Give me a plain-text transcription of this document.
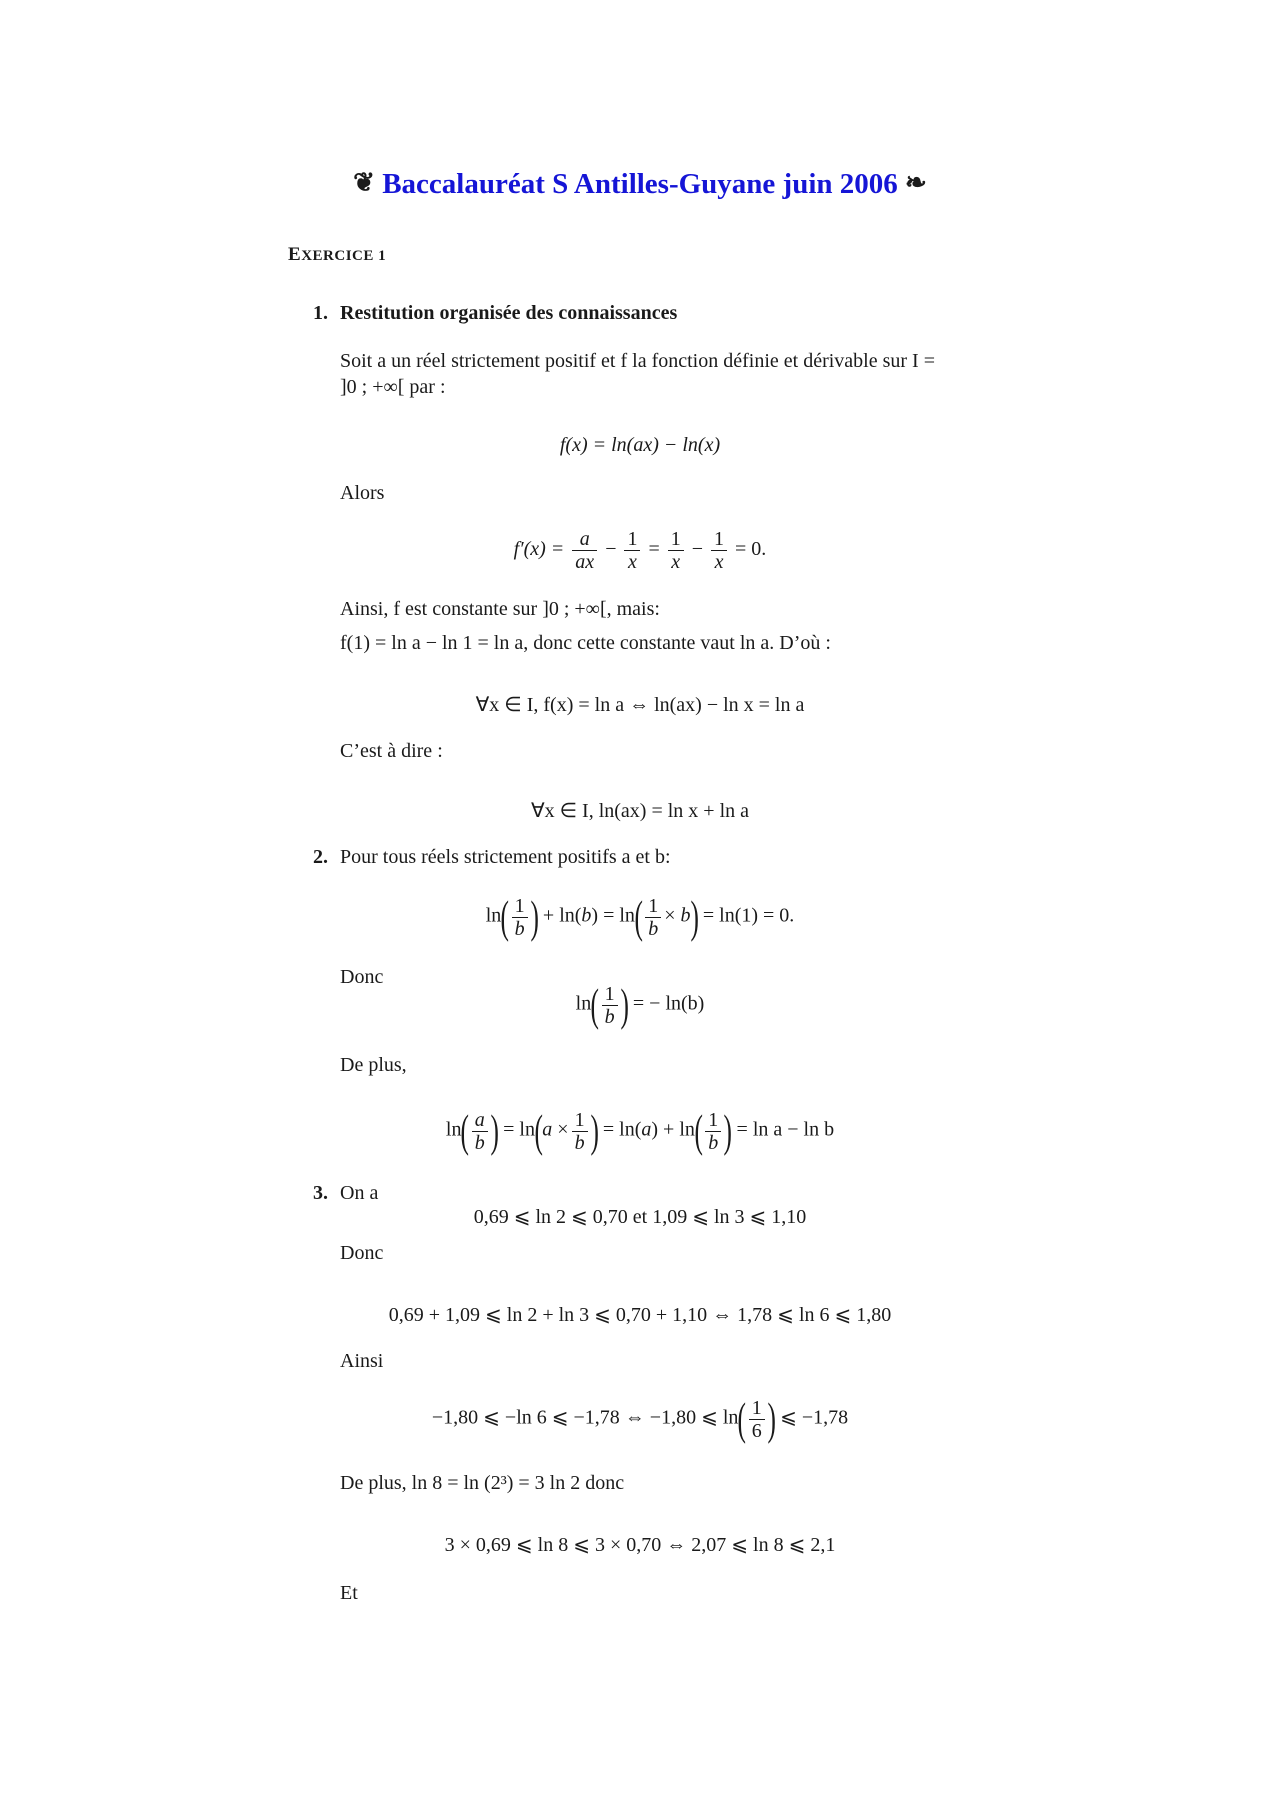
❦ Baccalauréat S Antilles-Guyane juin 2006 ❧
EXERCICE 1
1. Restitution organisée des connaissances
Soit a un réel strictement positif et f la fonction définie et dérivable sur I =
]0 ; +∞[ par :
f(x) = ln(ax) − ln(x)
Alors
$f'(x) = \frac{a}{ax} - \frac{1}{x} = \frac{1}{x} - \frac{1}{x} = 0$.
Ainsi, f est constante sur ]0 ; +∞[, mais:
f(1) = ln a − ln 1 = ln a, donc cette constante vaut ln a. D’où :
∀x ∈ I, f(x) = ln a ⇔ ln(ax) − ln x = ln a
C’est à dire :
∀x ∈ I, ln(ax) = ln x + ln a
2. Pour tous réels strictement positifs a et b:
$\ln( \frac{1}{b}$ ) + $\ln(b) = \ln( \frac{1}{b} \times b) = \ln(1) = 0$.
Donc
$\ln( \frac{1}{b}$ ) = − ln(b)
De plus,
$\ln( \frac{a}{b}$ ) = $\ln(a \times \frac{1}{b}$ ) = $\ln(a) + \ln( \frac{1}{b}$ ) = ln a − ln b
3. On a
0,69 ⩽ ln 2 ⩽ 0,70 et 1,09 ⩽ ln 3 ⩽ 1,10
Donc
0,69 + 1,09 ⩽ ln 2 + ln 3 ⩽ 0,70 + 1,10 ⇔ 1,78 ⩽ ln 6 ⩽ 1,80
Ainsi
−1,80 ⩽ −ln 6 ⩽ −1,78 ⇔ −1,80 ⩽ $\ln( \frac{1}{6}$ ) ⩽ −1,78
De plus, ln 8 = ln (2³) = 3 ln 2 donc
3 × 0,69 ⩽ ln 8 ⩽ 3 × 0,70 ⇔ 2,07 ⩽ ln 8 ⩽ 2,1
Et
